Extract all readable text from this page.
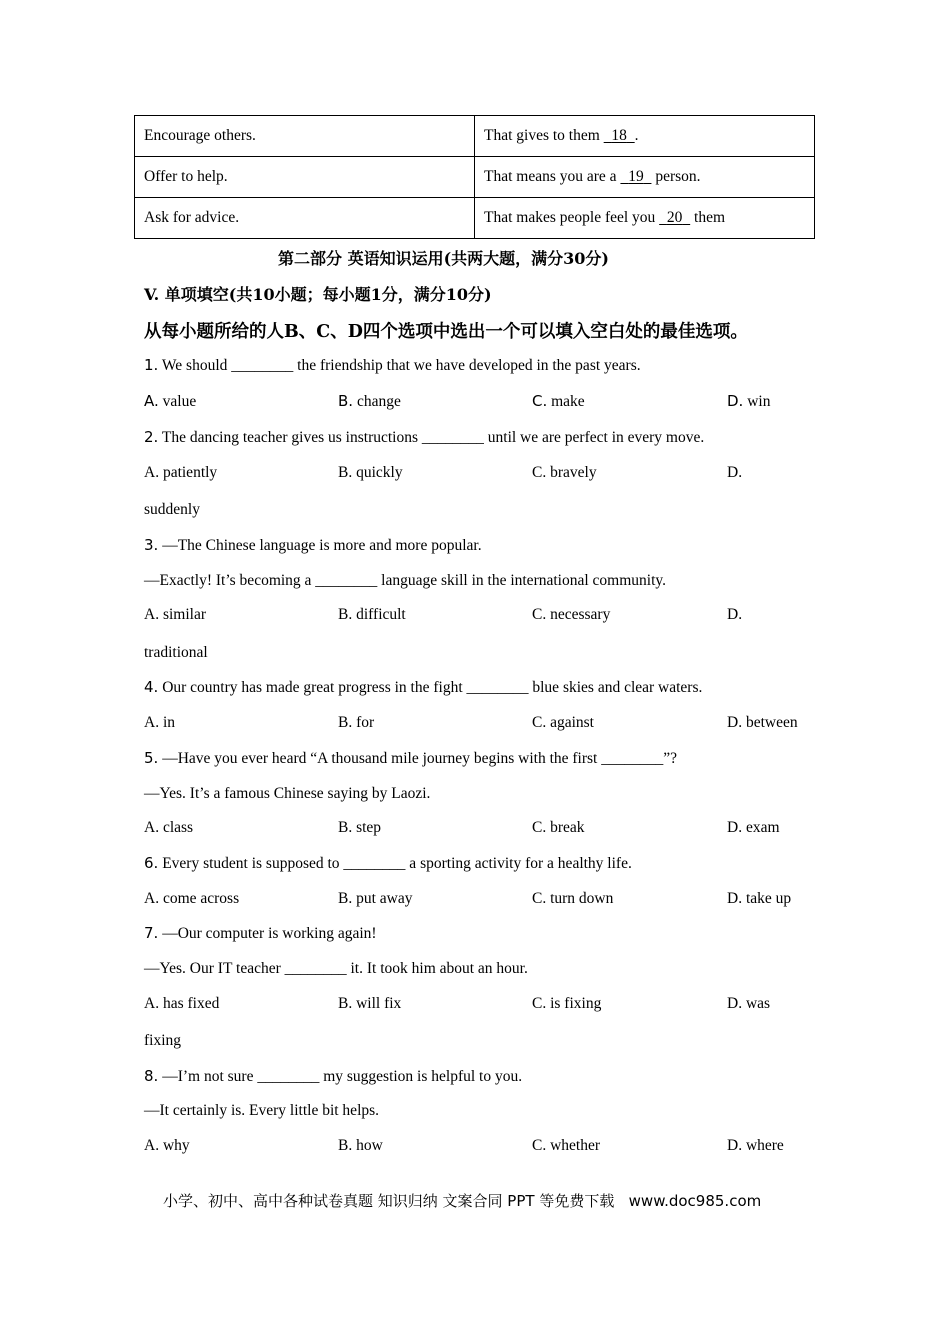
Encourage others.	That gives to them   18 .
Offer to help.	That means you are a   19   person.
Ask for advice.	That makes people feel you   20   them
第二部分 英语知识运用(共两大题，满分30分)
V. 单项填空(共10小题；每小题1分，满分10分)
从每小题所给的人B、C、D四个选项中选出一个可以填入空白处的最佳选项。
1. We should ________ the friendship that we have developed in the past years.
A. value	B. change	C. make	D. win
2. The dancing teacher gives us instructions ________ until we are perfect in every move.
A. patiently	B. quickly	C. bravely	D.
suddenly
3. —The Chinese language is more and more popular.
—Exactly! It’s becoming a ________ language skill in the international community.
A. similar	B. difficult	C. necessary	D.
traditional
4. Our country has made great progress in the fight ________ blue skies and clear waters.
A. in	B. for	C. against	D. between
5. —Have you ever heard “A thousand mile journey begins with the first ________”?
—Yes. It’s a famous Chinese saying by Laozi.
A. class	B. step	C. break	D. exam
6. Every student is supposed to ________ a sporting activity for a healthy life.
A. come across	B. put away	C. turn down	D. take up
7. —Our computer is working again!
—Yes. Our IT teacher ________ it. It took him about an hour.
A. has fixed	B. will fix	C. is fixing	D. was
fixing
8. —I’m not sure ________ my suggestion is helpful to you.
—It certainly is. Every little bit helps.
A. why	B. how	C. whether	D. where
小学、初中、高中各种试卷真题 知识归纳 文案合同 PPT 等免费下载 www.doc985.com
